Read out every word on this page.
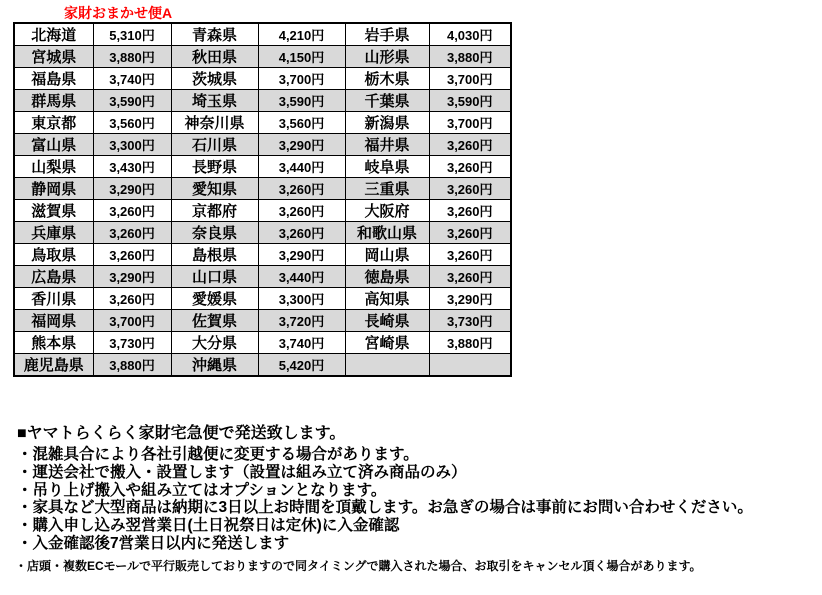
家財おまかせ便A
北海道	5,310円	青森県	4,210円	岩手県	4,030円
宮城県	3,880円	秋田県	4,150円	山形県	3,880円
福島県	3,740円	茨城県	3,700円	栃木県	3,700円
群馬県	3,590円	埼玉県	3,590円	千葉県	3,590円
東京都	3,560円	神奈川県	3,560円	新潟県	3,700円
富山県	3,300円	石川県	3,290円	福井県	3,260円
山梨県	3,430円	長野県	3,440円	岐阜県	3,260円
静岡県	3,290円	愛知県	3,260円	三重県	3,260円
滋賀県	3,260円	京都府	3,260円	大阪府	3,260円
兵庫県	3,260円	奈良県	3,260円	和歌山県	3,260円
鳥取県	3,260円	島根県	3,290円	岡山県	3,260円
広島県	3,290円	山口県	3,440円	徳島県	3,260円
香川県	3,260円	愛媛県	3,300円	高知県	3,290円
福岡県	3,700円	佐賀県	3,720円	長崎県	3,730円
熊本県	3,730円	大分県	3,740円	宮崎県	3,880円
鹿児島県	3,880円	沖縄県	5,420円		
■ヤマトらくらく家財宅急便で発送致します。
・混雑具合により各社引越便に変更する場合があります。
・運送会社で搬入・設置します（設置は組み立て済み商品のみ）
・吊り上げ搬入や組み立てはオプションとなります。
・家具など大型商品は納期に3日以上お時間を頂戴します。お急ぎの場合は事前にお問い合わせください。
・購入申し込み翌営業日(土日祝祭日は定休)に入金確認
・入金確認後7営業日以内に発送します
・店頭・複数ECモールで平行販売しておりますので同タイミングで購入された場合、お取引をキャンセル頂く場合があります。
